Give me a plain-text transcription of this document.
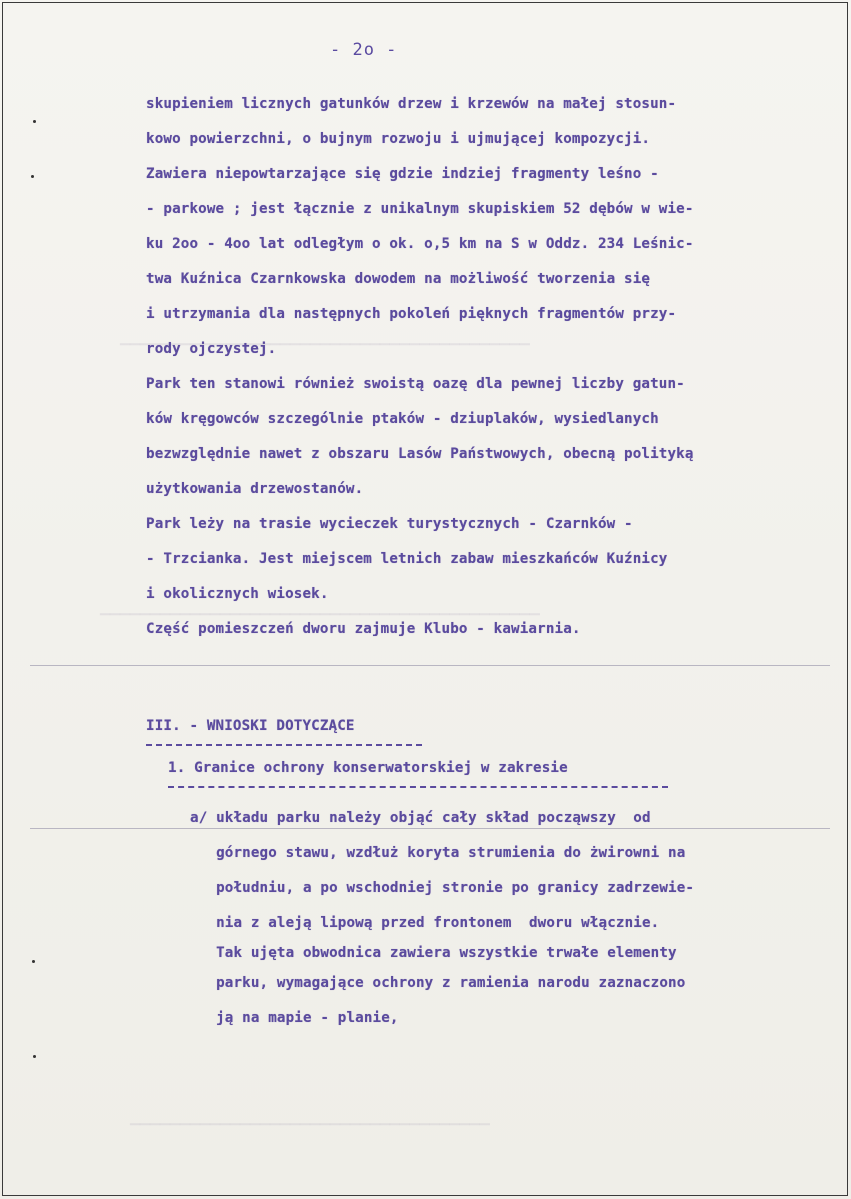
▁▁▁▁▁▁▁▁▁▁▁▁▁▁▁▁▁▁▁▁▁▁▁▁▁▁▁▁▁▁▁▁▁▁▁▁▁▁▁▁▁
▁▁▁▁▁▁▁▁▁▁▁▁▁▁▁▁▁▁▁▁▁▁▁▁▁▁▁▁▁▁▁▁▁▁▁▁▁▁▁▁▁▁▁▁
▁▁▁▁▁▁▁▁▁▁▁▁▁▁▁▁▁▁▁▁▁▁▁▁▁▁▁▁▁▁▁▁▁▁▁▁
- 2o -
skupieniem licznych gatunków drzew i krzewów na małej stosun-
kowo powierzchni, o bujnym rozwoju i ujmującej kompozycji.
Zawiera niepowtarzające się gdzie indziej fragmenty leśno -
- parkowe ; jest łącznie z unikalnym skupiskiem 52 dębów w wie-
ku 2oo - 4oo lat odległym o ok. o,5 km na S w Oddz. 234 Leśnic-
twa Kuźnica Czarnkowska dowodem na możliwość tworzenia się
i utrzymania dla następnych pokoleń pięknych fragmentów przy-
rody ojczystej.
Park ten stanowi również swoistą oazę dla pewnej liczby gatun-
ków kręgowców szczególnie ptaków - dziuplaków, wysiedlanych
bezwzględnie nawet z obszaru Lasów Państwowych, obecną polityką
użytkowania drzewostanów.
Park leży na trasie wycieczek turystycznych - Czarnków -
- Trzcianka. Jest miejscem letnich zabaw mieszkańców Kuźnicy
i okolicznych wiosek.
Część pomieszczeń dworu zajmuje Klubo - kawiarnia.
III. - WNIOSKI DOTYCZĄCE
1. Granice ochrony konserwatorskiej w zakresie
a/ układu parku należy objąć cały skład począwszy  od
górnego stawu, wzdłuż koryta strumienia do żwirowni na
południu, a po wschodniej stronie po granicy zadrzewie-
nia z aleją lipową przed frontonem  dworu włącznie.
Tak ujęta obwodnica zawiera wszystkie trwałe elementy
parku, wymagające ochrony z ramienia narodu zaznaczono
ją na mapie - planie,
